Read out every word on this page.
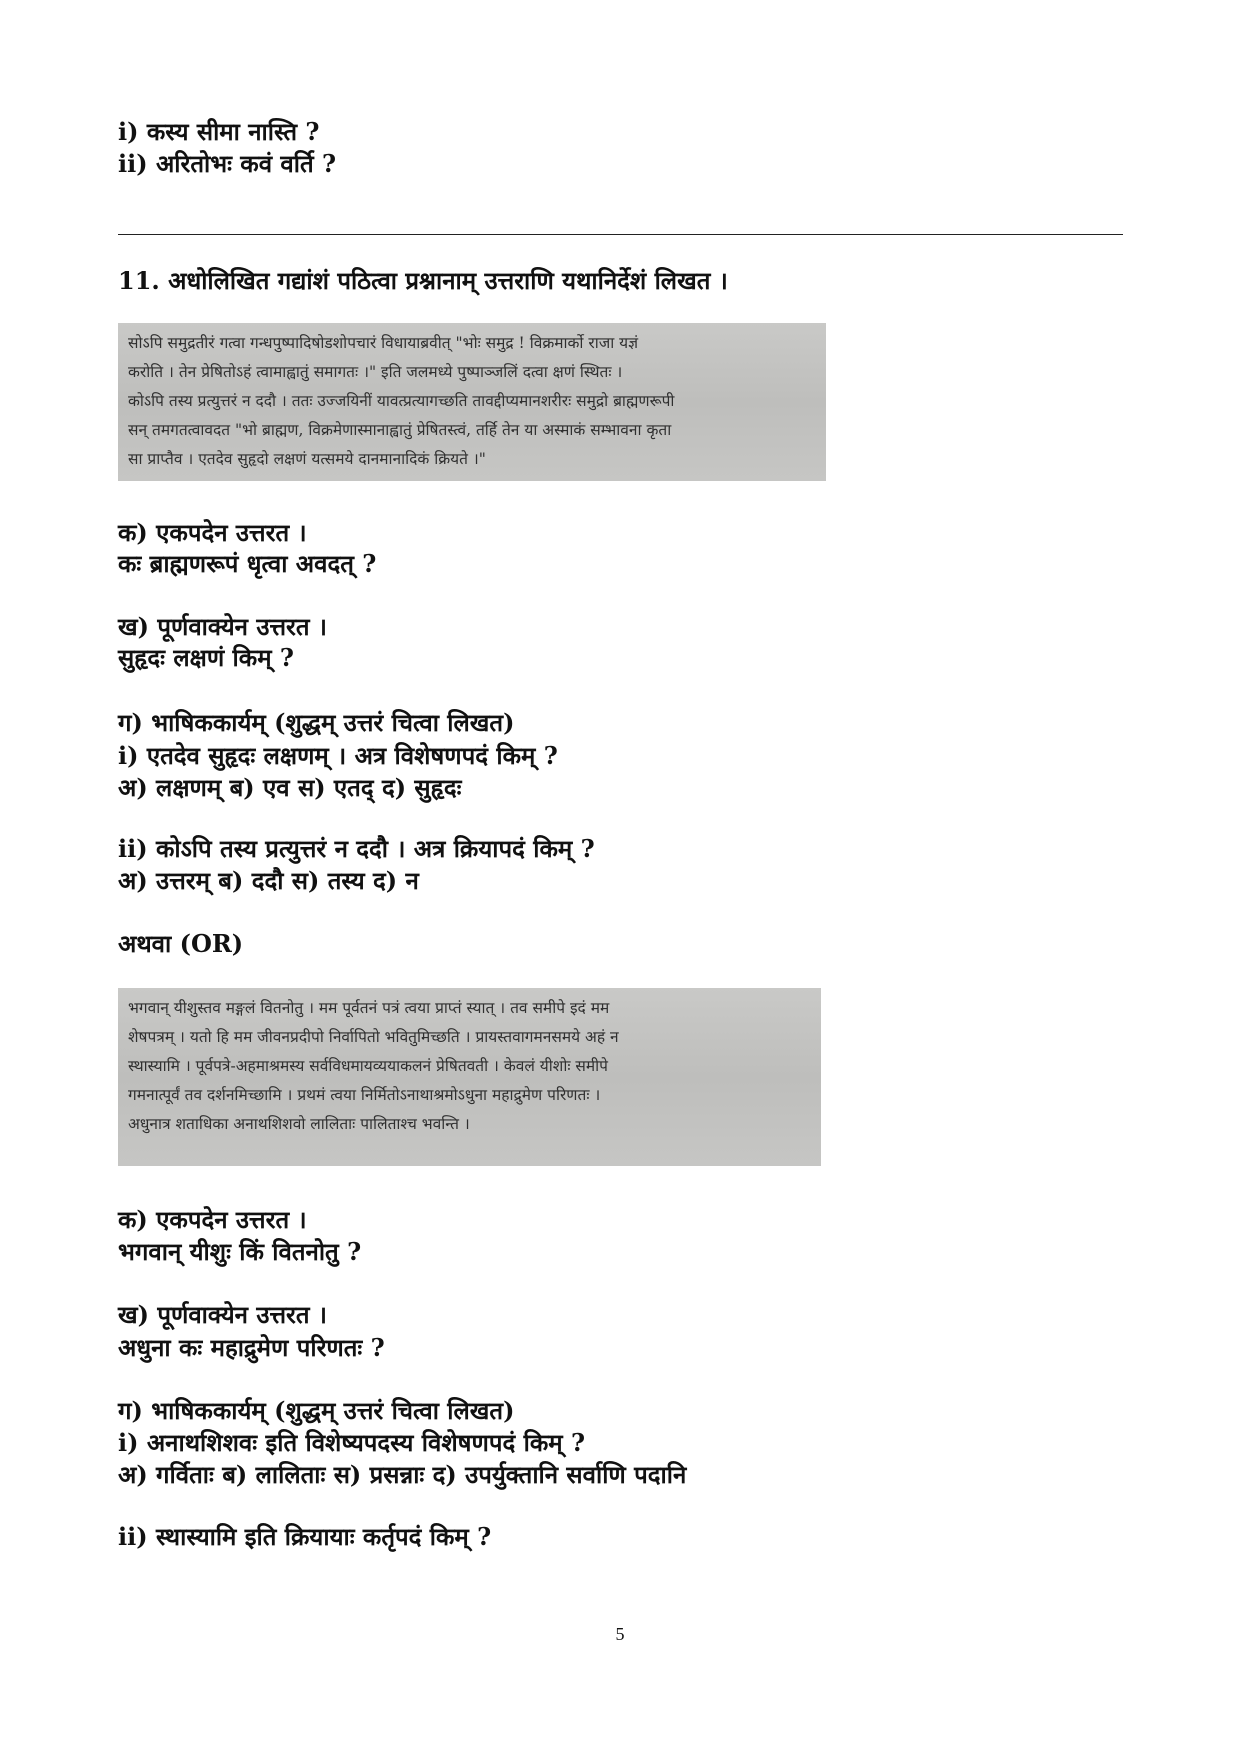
i) कस्य सीमा नास्ति ?
ii) अरितोभः कवं वर्ति ?
11. अधोलिखित गद्यांशं पठित्वा प्रश्नानाम् उत्तराणि यथानिर्देशं लिखत ।

सोऽपि समुद्रतीरं गत्वा गन्धपुष्पादिषोडशोपचारं विधायाब्रवीत् "भोः समुद्र ! विक्रमार्को राजा यज्ञं

करोति । तेन प्रेषितोऽहं त्वामाह्वातुं समागतः ।" इति जलमध्ये पुष्पाञ्जलिं दत्वा क्षणं स्थितः ।

कोऽपि तस्य प्रत्युत्तरं न ददौ । ततः उज्जयिनीं यावत्प्रत्यागच्छति तावद्दीप्यमानशरीरः समुद्रो ब्राह्मणरूपी

सन् तमगतत्वावदत "भो ब्राह्मण, विक्रमेणास्मानाह्वातुं प्रेषितस्त्वं, तर्हि तेन या अस्माकं सम्भावना कृता

सा प्राप्तैव । एतदेव सुहृदो लक्षणं यत्समये दानमानादिकं क्रियते ।"

क) एकपदेन उत्तरत ।
कः ब्राह्मणरूपं धृत्वा अवदत् ?
ख) पूर्णवाक्येन उत्तरत ।
सुहृदः लक्षणं किम् ?
ग) भाषिककार्यम् (शुद्धम् उत्तरं चित्वा लिखत)
i) एतदेव सुहृदः लक्षणम् । अत्र विशेषणपदं किम् ?
अ) लक्षणम् ब) एव स) एतद् द) सुहृदः
ii) कोऽपि तस्य प्रत्युत्तरं न ददौ । अत्र क्रियापदं किम् ?
अ) उत्तरम् ब) ददौ स) तस्य द) न
अथवा (OR)

भगवान् यीशुस्तव मङ्गलं वितनोतु । मम पूर्वतनं पत्रं त्वया प्राप्तं स्यात् । तव समीपे इदं मम

शेषपत्रम् । यतो हि मम जीवनप्रदीपो निर्वापितो भवितुमिच्छति । प्रायस्तवागमनसमये अहं न

स्थास्यामि । पूर्वपत्रे-अहमाश्रमस्य सर्वविधमायव्ययाकलनं प्रेषितवती । केवलं यीशोः समीपे

गमनात्पूर्वं तव दर्शनमिच्छामि । प्रथमं त्वया निर्मितोऽनाथाश्रमोऽधुना महाद्रुमेण परिणतः ।

अधुनात्र शताधिका अनाथशिशवो लालिताः पालिताश्च भवन्ति ।

क) एकपदेन उत्तरत ।
भगवान् यीशुः किं वितनोतु ?
ख) पूर्णवाक्येन उत्तरत ।
अधुना कः महाद्रुमेण परिणतः ?
ग) भाषिककार्यम् (शुद्धम् उत्तरं चित्वा लिखत)
i) अनाथशिशवः इति विशेष्यपदस्य विशेषणपदं किम् ?
अ) गर्विताः ब) लालिताः स) प्रसन्नाः द) उपर्युक्तानि सर्वाणि पदानि
ii) स्थास्यामि इति क्रियायाः कर्तृपदं किम् ?
5
